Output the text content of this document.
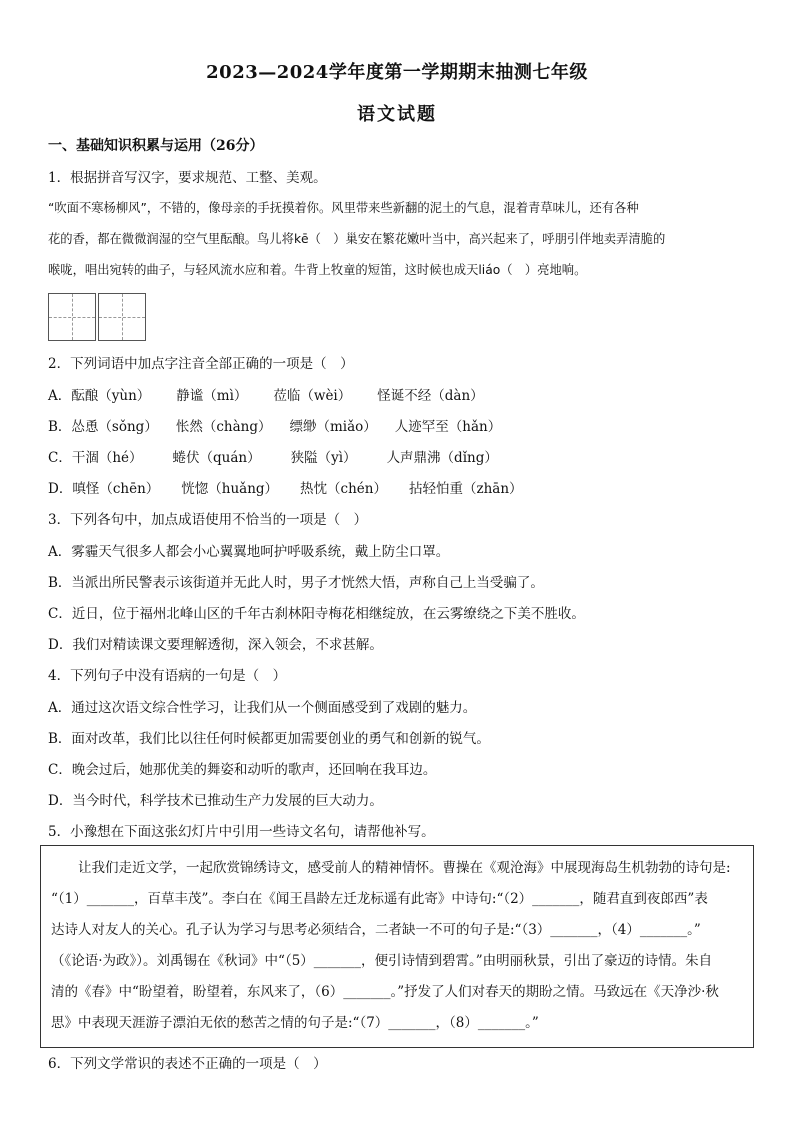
2023—2024学年度第一学期期末抽测七年级
语文试题
一、基础知识积累与运用（26分）
1．根据拼音写汉字，要求规范、工整、美观。

“吹面不寒杨柳风”，不错的，像母亲的手抚摸着你。风里带来些新翻的泥土的气息，混着青草味儿，还有各种

花的香，都在微微润湿的空气里酝酿。鸟儿将kē（　）巢安在繁花嫩叶当中，高兴起来了，呼朋引伴地卖弄清脆的

喉咙，唱出宛转的曲子，与轻风流水应和着。牛背上牧童的短笛，这时候也成天liáo（　）亮地响。

2．下列词语中加点字注音全部正确的一项是（　）
A．酝酿（yùn） 静谧（mì） 莅临（wèi） 怪诞不经（dàn）
B．怂恿（sǒng） 怅然（chàng） 缥缈（miǎo） 人迹罕至（hǎn）
C．干涸（hé） 蜷伏（quán） 狭隘（yì） 人声鼎沸（dǐng）
D．嗔怪（chēn） 恍惚（huǎng） 热忱（chén） 拈轻怕重（zhān）
3．下列各句中，加点成语使用不恰当的一项是（　）
A．雾霾天气很多人都会小心翼翼地呵护呼吸系统，戴上防尘口罩。
B．当派出所民警表示该街道并无此人时，男子才恍然大悟，声称自己上当受骗了。
C．近日，位于福州北峰山区的千年古刹林阳寺梅花相继绽放，在云雾缭绕之下美不胜收。
D．我们对精读课文要理解透彻，深入领会，不求甚解。
4．下列句子中没有语病的一句是（　）
A．通过这次语文综合性学习，让我们从一个侧面感受到了戏剧的魅力。
B．面对改革，我们比以往任何时候都更加需要创业的勇气和创新的锐气。
C．晚会过后，她那优美的舞姿和动听的歌声，还回响在我耳边。
D．当今时代，科学技术已推动生产力发展的巨大动力。
5．小豫想在下面这张幻灯片中引用一些诗文名句，请帮他补写。

　　让我们走近文学，一起欣赏锦绣诗文，感受前人的精神情怀。曹操在《观沧海》中展现海岛生机勃勃的诗句是:

“（1）_______，百草丰茂”。李白在《闻王昌龄左迁龙标遥有此寄》中诗句:“（2）_______，随君直到夜郎西”表

达诗人对友人的关心。孔子认为学习与思考必须结合，二者缺一不可的句子是:“（3）_______，（4）_______。”

（《论语·为政》）。刘禹锡在《秋词》中“（5）_______，便引诗情到碧霄。”由明丽秋景，引出了豪迈的诗情。朱自

清的《春》中“盼望着，盼望着，东风来了，（6）_______。”抒发了人们对春天的期盼之情。马致远在《天净沙·秋

思》中表现天涯游子漂泊无依的愁苦之情的句子是:“（7）_______，（8）_______。”

6．下列文学常识的表述不正确的一项是（　）
